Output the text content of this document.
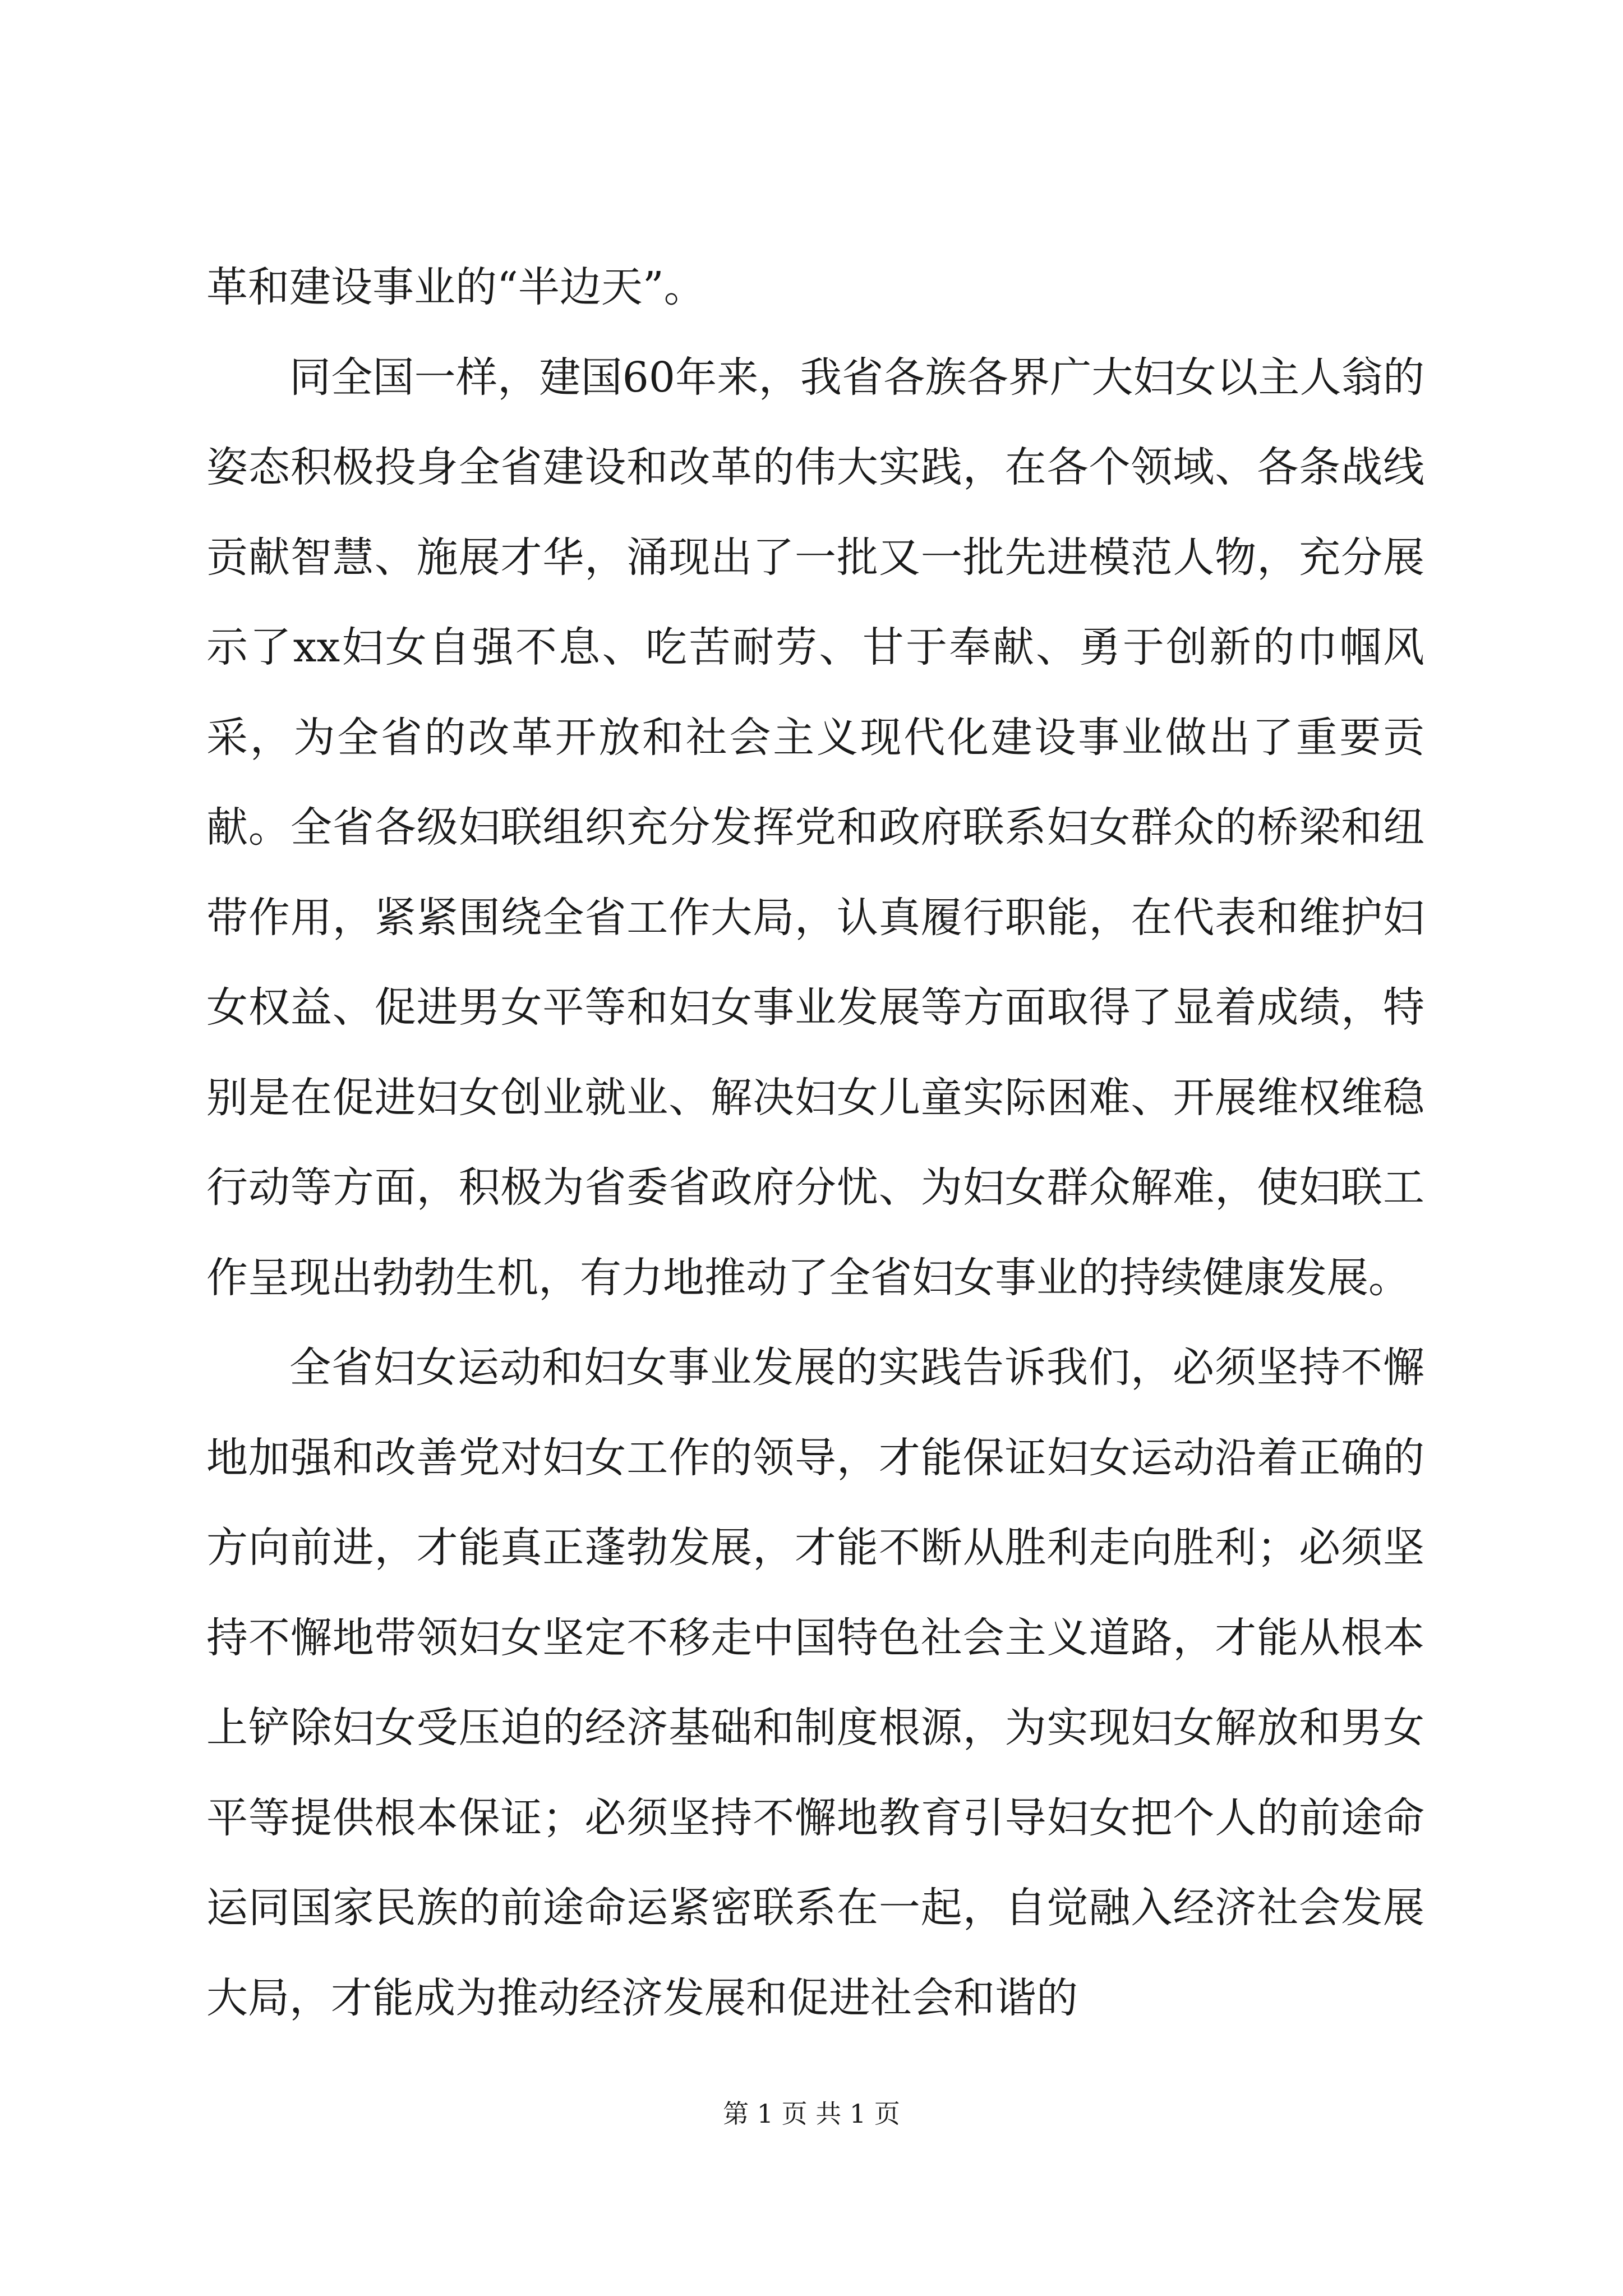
革和建设事业的“半边天”。

同全国一样，建国60年来，我省各族各界广大妇女以主人翁的姿态积极投身全省建设和改革的伟大实践，在各个领域、各条战线贡献智慧、施展才华，涌现出了一批又一批先进模范人物，充分展示了xx妇女自强不息、吃苦耐劳、甘于奉献、勇于创新的巾帼风采，为全省的改革开放和社会主义现代化建设事业做出了重要贡献。全省各级妇联组织充分发挥党和政府联系妇女群众的桥梁和纽带作用，紧紧围绕全省工作大局，认真履行职能，在代表和维护妇女权益、促进男女平等和妇女事业发展等方面取得了显着成绩，特别是在促进妇女创业就业、解决妇女儿童实际困难、开展维权维稳行动等方面，积极为省委省政府分忧、为妇女群众解难，使妇联工作呈现出勃勃生机，有力地推动了全省妇女事业的持续健康发展。

全省妇女运动和妇女事业发展的实践告诉我们，必须坚持不懈地加强和改善党对妇女工作的领导，才能保证妇女运动沿着正确的方向前进，才能真正蓬勃发展，才能不断从胜利走向胜利；必须坚持不懈地带领妇女坚定不移走中国特色社会主义道路，才能从根本上铲除妇女受压迫的经济基础和制度根源，为实现妇女解放和男女平等提供根本保证；必须坚持不懈地教育引导妇女把个人的前途命运同国家民族的前途命运紧密联系在一起，自觉融入经济社会发展大局，才能成为推动经济发展和促进社会和谐的

第 1 页 共 1 页
